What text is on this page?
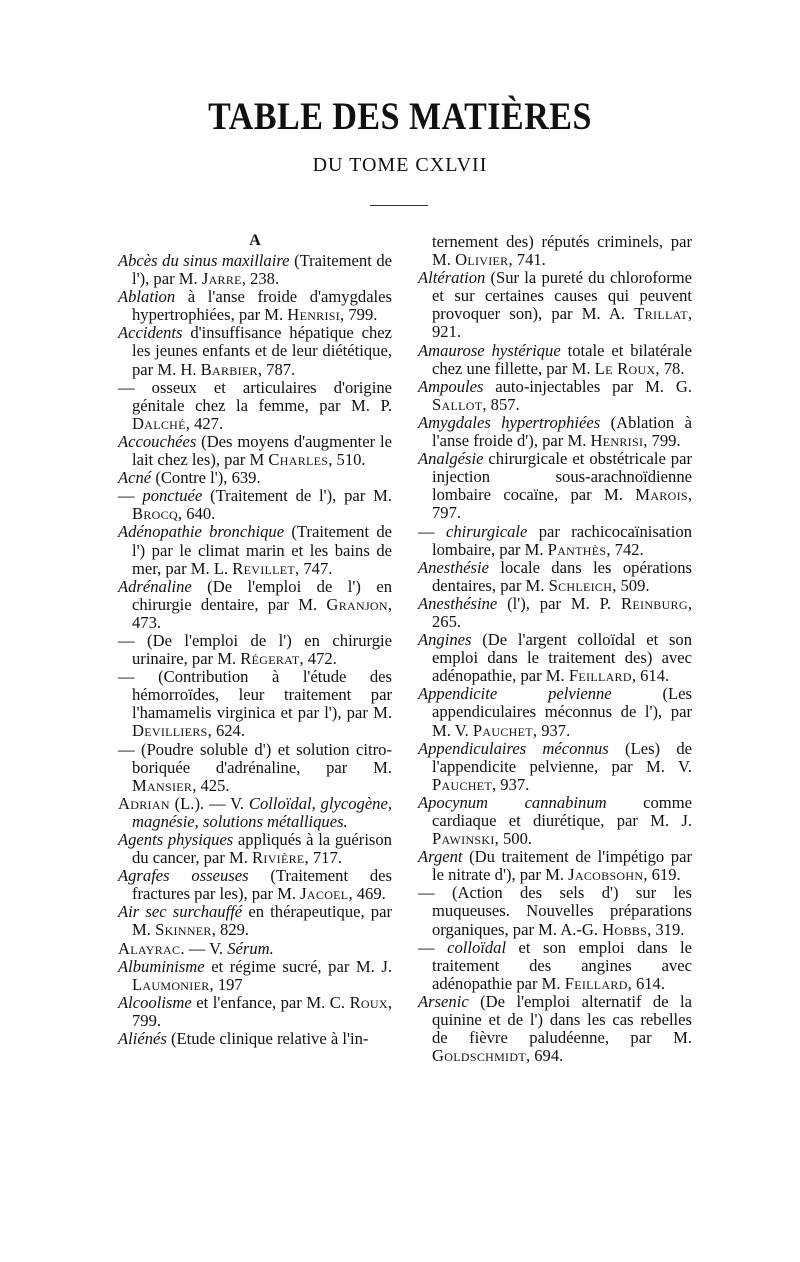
TABLE DES MATIÈRES
DU TOME CXLVII
A

Abcès du sinus maxillaire (Traitement de l'), par M. Jarre, 238.

Ablation à l'anse froide d'amygdales hypertrophiées, par M. Henrisi, 799.

Accidents d'insuffisance hépatique chez les jeunes enfants et de leur diététique, par M. H. Barbier, 787.

— osseux et articulaires d'origine génitale chez la femme, par M. P. Dalché, 427.

Accouchées (Des moyens d'augmenter le lait chez les), par M Charles, 510.

Acné (Contre l'), 639.

— ponctuée (Traitement de l'), par M. Brocq, 640.

Adénopathie bronchique (Traitement de l') par le climat marin et les bains de mer, par M. L. Revillet, 747.

Adrénaline (De l'emploi de l') en chirurgie dentaire, par M. Granjon, 473.

— (De l'emploi de l') en chirurgie urinaire, par M. Régerat, 472.

— (Contribution à l'étude des hémorroïdes, leur traitement par l'hamamelis virginica et par l'), par M. Devilliers, 624.

— (Poudre soluble d') et solution citro-boriquée d'adrénaline, par M. Mansier, 425.

Adrian (L.). — V. Colloïdal, glycogène, magnésie, solutions métalliques.

Agents physiques appliqués à la guérison du cancer, par M. Rivière, 717.

Agrafes osseuses (Traitement des fractures par les), par M. Jacoel, 469.

Air sec surchauffé en thérapeutique, par M. Skinner, 829.

Alayrac. — V. Sérum.

Albuminisme et régime sucré, par M. J. Laumonier, 197

Alcoolisme et l'enfance, par M. C. Roux, 799.

Aliénés (Etude clinique relative à l'in-

ternement des) réputés criminels, par M. Olivier, 741.

Altération (Sur la pureté du chloroforme et sur certaines causes qui peuvent provoquer son), par M. A. Trillat, 921.

Amaurose hystérique totale et bilatérale chez une fillette, par M. Le Roux, 78.

Ampoules auto-injectables par M. G. Sallot, 857.

Amygdales hypertrophiées (Ablation à l'anse froide d'), par M. Henrisi, 799.

Analgésie chirurgicale et obstétricale par injection sous-arachnoïdienne lombaire cocaïne, par M. Marois, 797.

— chirurgicale par rachicocaïnisation lombaire, par M. Panthès, 742.

Anesthésie locale dans les opérations dentaires, par M. Schleich, 509.

Anesthésine (l'), par M. P. Reinburg, 265.

Angines (De l'argent colloïdal et son emploi dans le traitement des) avec adénopathie, par M. Feillard, 614.

Appendicite pelvienne (Les appendiculaires méconnus de l'), par M. V. Pauchet, 937.

Appendiculaires méconnus (Les) de l'appendicite pelvienne, par M. V. Pauchet, 937.

Apocynum cannabinum comme cardiaque et diurétique, par M. J. Pawinski, 500.

Argent (Du traitement de l'impétigo par le nitrate d'), par M. Jacobsohn, 619.

— (Action des sels d') sur les muqueuses. Nouvelles préparations organiques, par M. A.-G. Hobbs, 319.

— colloïdal et son emploi dans le traitement des angines avec adénopathie par M. Feillard, 614.

Arsenic (De l'emploi alternatif de la quinine et de l') dans les cas rebelles de fièvre paludéenne, par M. Goldschmidt, 694.
